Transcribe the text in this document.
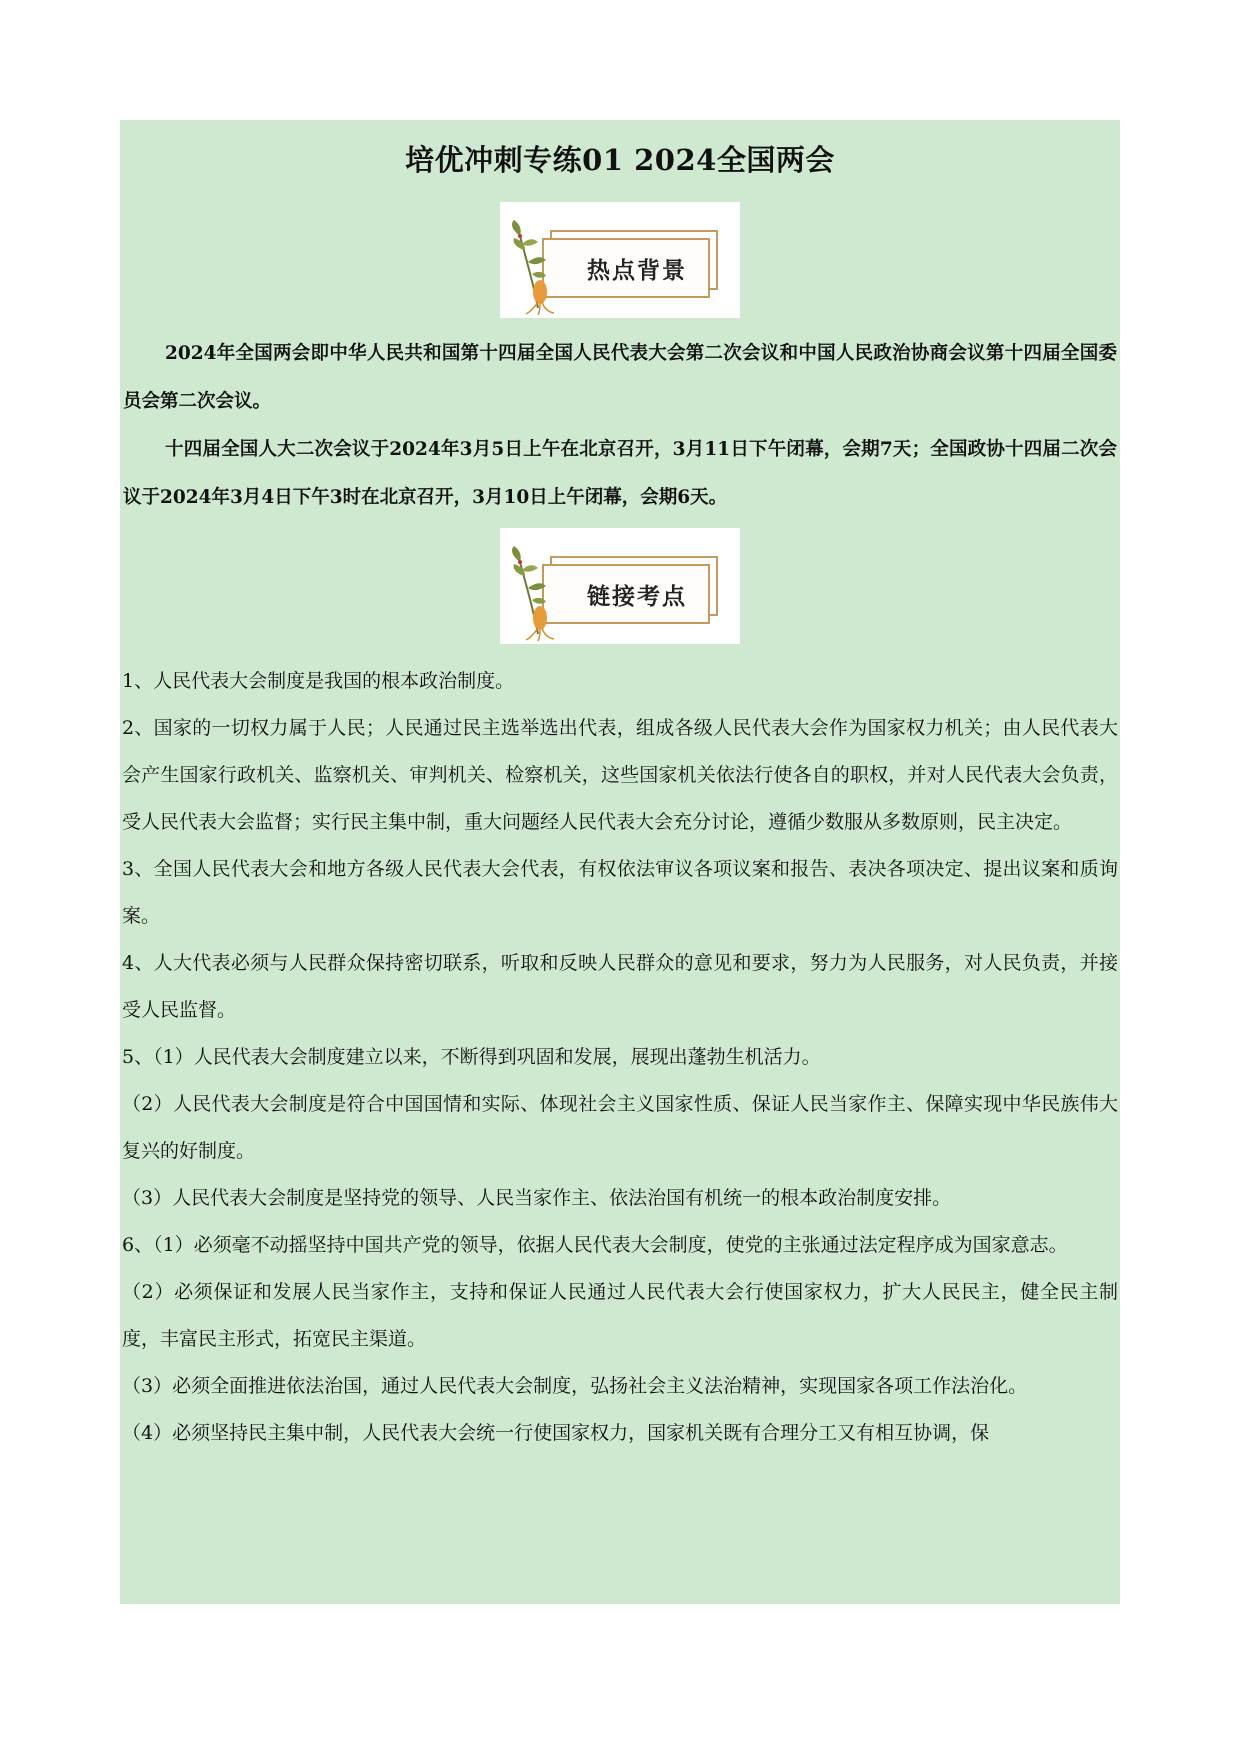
培优冲刺专练01 2024全国两会
热点背景

2024年全国两会即中华人民共和国第十四届全国人民代表大会第二次会议和中国人民政治协商会议第十四届全国委员会第二次会议。

十四届全国人大二次会议于2024年3月5日上午在北京召开，3月11日下午闭幕，会期7天；全国政协十四届二次会议于2024年3月4日下午3时在北京召开，3月10日上午闭幕，会期6天。

链接考点

1、人民代表大会制度是我国的根本政治制度。

2、国家的一切权力属于人民；人民通过民主选举选出代表，组成各级人民代表大会作为国家权力机关；由人民代表大会产生国家行政机关、监察机关、审判机关、检察机关，这些国家机关依法行使各自的职权，并对人民代表大会负责，受人民代表大会监督；实行民主集中制，重大问题经人民代表大会充分讨论，遵循少数服从多数原则，民主决定。

3、全国人民代表大会和地方各级人民代表大会代表，有权依法审议各项议案和报告、表决各项决定、提出议案和质询案。

4、人大代表必须与人民群众保持密切联系，听取和反映人民群众的意见和要求，努力为人民服务，对人民负责，并接受人民监督。

5、（1）人民代表大会制度建立以来，不断得到巩固和发展，展现出蓬勃生机活力。

（2）人民代表大会制度是符合中国国情和实际、体现社会主义国家性质、保证人民当家作主、保障实现中华民族伟大复兴的好制度。

（3）人民代表大会制度是坚持党的领导、人民当家作主、依法治国有机统一的根本政治制度安排。

6、（1）必须毫不动摇坚持中国共产党的领导，依据人民代表大会制度，使党的主张通过法定程序成为国家意志。

（2）必须保证和发展人民当家作主，支持和保证人民通过人民代表大会行使国家权力，扩大人民民主，健全民主制度，丰富民主形式，拓宽民主渠道。

（3）必须全面推进依法治国，通过人民代表大会制度，弘扬社会主义法治精神，实现国家各项工作法治化。

（4）必须坚持民主集中制，人民代表大会统一行使国家权力，国家机关既有合理分工又有相互协调，保
